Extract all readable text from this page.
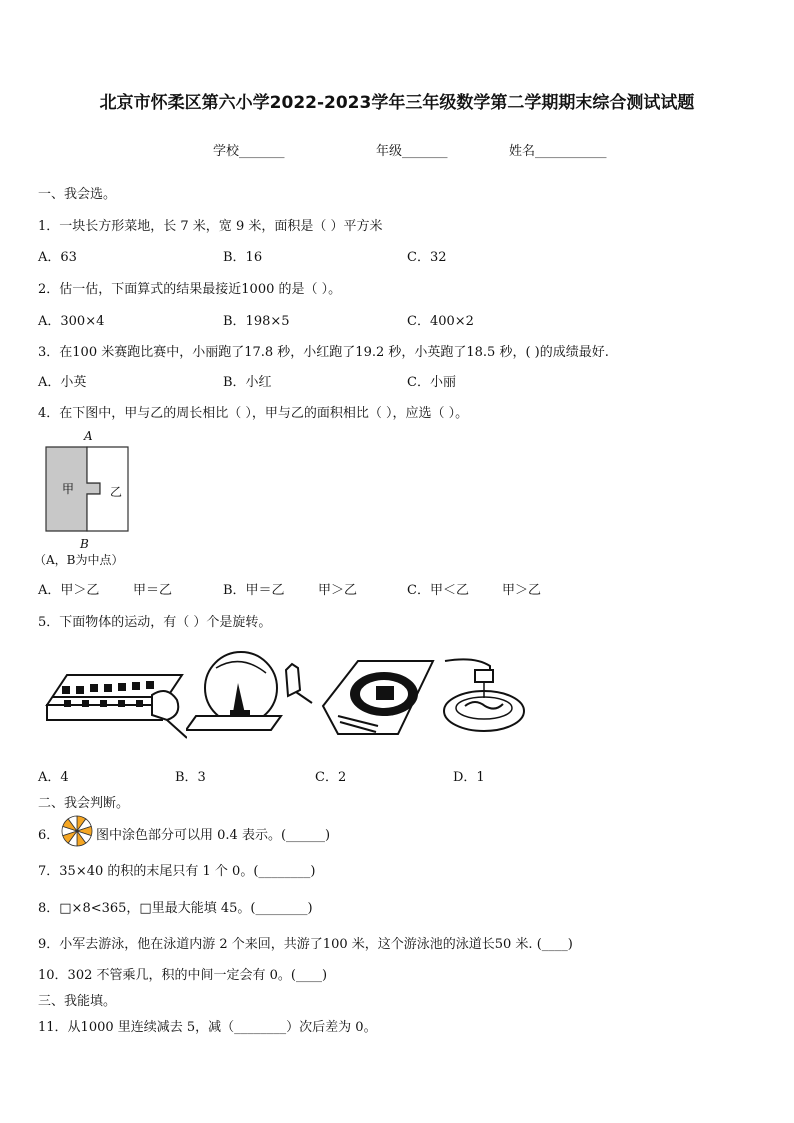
北京市怀柔区第六小学2022-2023学年三年级数学第二学期期末综合测试试题
学校_______	年级_______	姓名___________
一、我会选。
1．一块长方形菜地，长 7 米，宽 9 米，面积是（ ）平方米
A．63	B．16	C．32
2．估一估，下面算式的结果最接近1000 的是（ ）。
A．300×4	B．198×5	C．400×2
3．在100 米赛跑比赛中，小丽跑了17.8 秒，小红跑了19.2 秒，小英跑了18.5 秒，( )的成绩最好.
A．小英	B．小红	C．小丽
4．在下图中，甲与乙的周长相比（ ），甲与乙的面积相比（ ），应选（ ）。
A
甲	乙
B
（A，B为中点）
A．甲＞乙	甲＝乙	B．甲＝乙	甲＞乙	C．甲＜乙	甲＞乙
5．下面物体的运动，有（ ）个是旋转。
A．4	B．3	C．2	D．1
二、我会判断。
6．	图中涂色部分可以用 0.4 表示。(______)
7．35×40 的积的末尾只有 1 个 0。(________)
8．□×8<365，□里最大能填 45。(________)
9．小军去游泳，他在泳道内游 2 个来回，共游了100 米，这个游泳池的泳道长50 米. (____)
10．302 不管乘几，积的中间一定会有 0。(____)
三、我能填。
11．从1000 里连续减去 5，减（________）次后差为 0。
